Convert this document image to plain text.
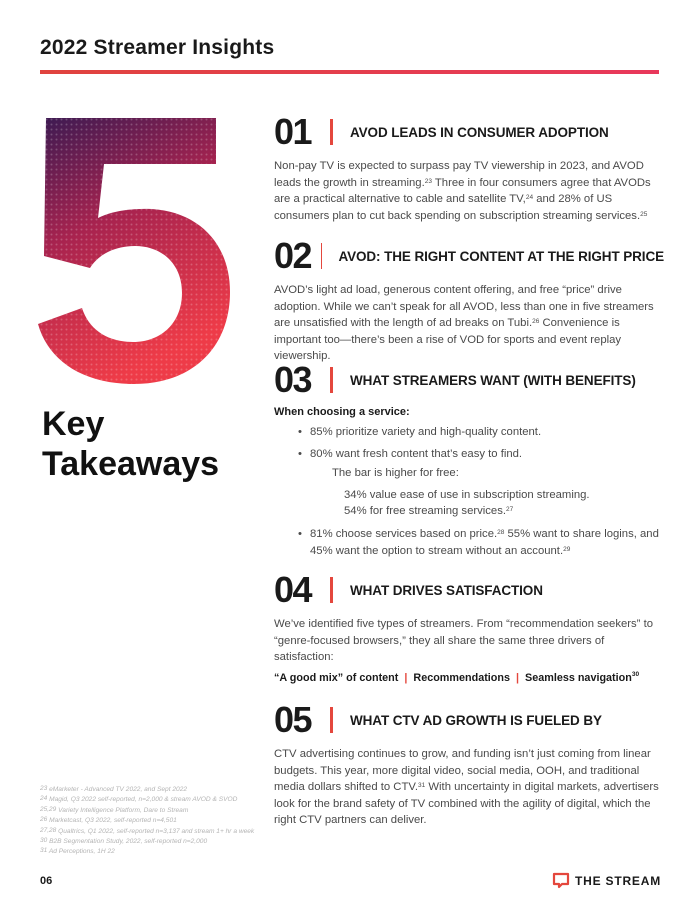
2022 Streamer Insights
Key
Takeaways
01	AVOD LEADS IN CONSUMER ADOPTION
Non-pay TV is expected to surpass pay TV viewership in 2023, and AVOD leads the growth in streaming.$^{23}$ Three in four consumers agree that AVODs are a practical alternative to cable and satellite TV,$^{24}$ and 28% of US consumers plan to cut back spending on subscription streaming services.$^{25}$
02 AVOD: THE RIGHT CONTENT AT THE RIGHT PRICE
AVOD’s light ad load, generous content offering, and free “price” drive adoption. While we can’t speak for all AVOD, less than one in five streamers are unsatisfied with the length of ad breaks on Tubi.$^{26}$ Convenience is important too—there’s been a rise of VOD for sports and event replay viewership.
03	WHAT STREAMERS WANT (WITH BENEFITS)
When choosing a service:
• 85% prioritize variety and high-quality content.
• 80% want fresh content that’s easy to find.
The bar is higher for free:
34% value ease of use in subscription streaming.
54% for free streaming services.$^{27}$
• 81% choose services based on price.$^{28}$ 55% want to share logins, and 45% want the option to stream without an account.$^{29}$
04	WHAT DRIVES SATISFACTION
We’ve identified five types of streamers. From “recommendation seekers” to “genre-focused browsers,” they all share the same three drivers of satisfaction:
“A good mix” of content | Recommendations | Seamless navigation$^{30}$
05	WHAT CTV AD GROWTH IS FUELED BY
CTV advertising continues to grow, and funding isn’t just coming from linear budgets. This year, more digital video, social media, OOH, and traditional media dollars shifted to CTV.$^{31}$ With uncertainty in digital markets, advertisers look for the brand safety of TV combined with the agility of digital, which the right CTV partners can deliver.
$^{23}$ eMarketer - Advanced TV 2022, and Sept 2022
$^{24}$ Magid, Q3 2022 self-reported, n=2,000 & stream AVOD & SVOD
$^{25,29}$ Variety Intelligence Platform, Dare to Stream
$^{26}$ Marketcast, Q3 2022, self-reported n=4,501
$^{27,28}$ Qualtrics, Q1 2022, self-reported n=3,137 and stream 1+ hr a week
$^{30}$ B2B Segmentation Study, 2022, self-reported n=2,000
$^{31}$ Ad Perceptions, 1H 22
06	THE STREAM
